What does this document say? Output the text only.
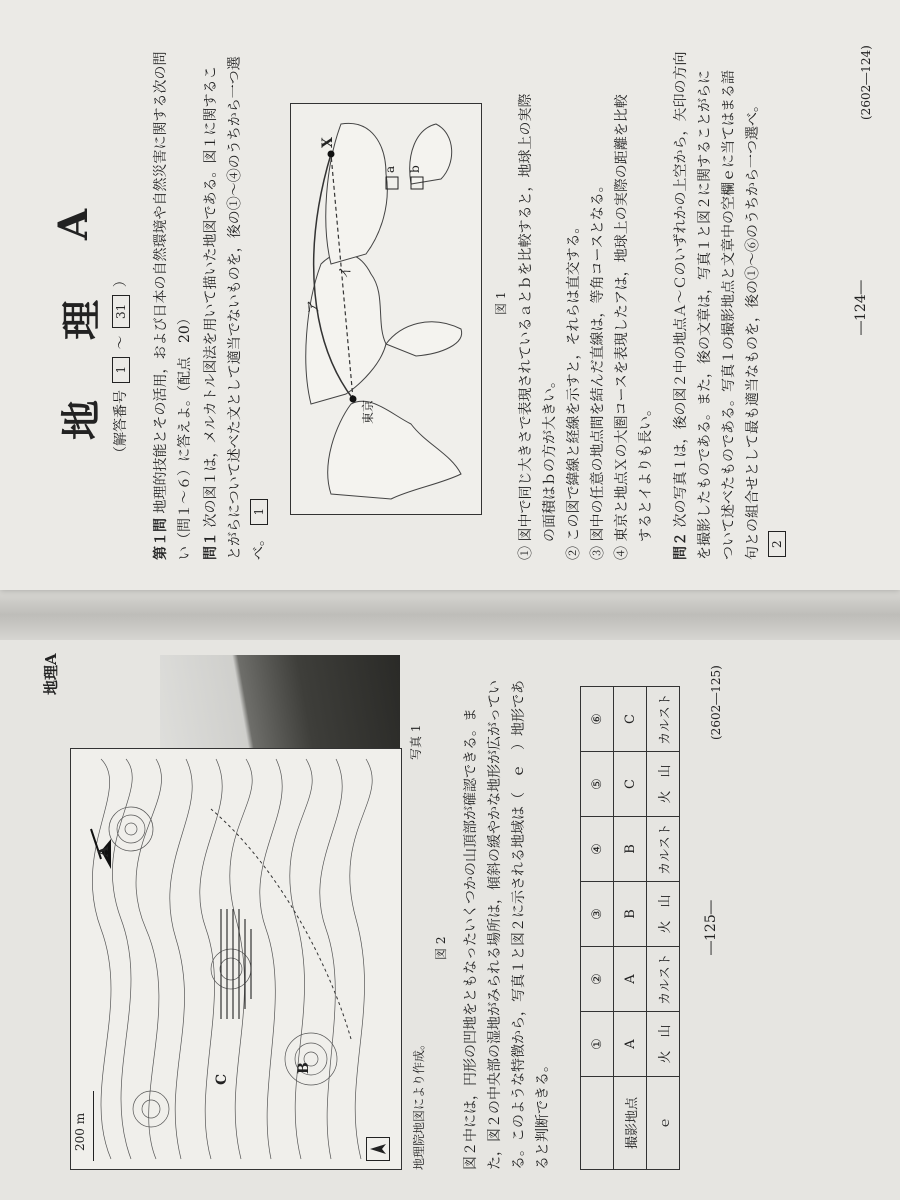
地理A
写真 1
A
B
C
200 m	地理院地図により作成。
図 2 図２中には，円形の凹地をともなったいくつかの山頂部が確認できる。ま た，図２の中央部の湿地がみられる場所は，傾斜の緩やかな地形が広がってい る。このような特徴から，写真１と図２に示される地域は（　ｅ　）地形であ ると判断できる。
	①	②	③	④	⑤	⑥
撮影地点	A	A	B	B	C	C
ｅ	火　山	カルスト	火　山	カルスト	火　山	カルスト
―125―
(2602―125)
地
理
A
（解答番号 1 ～ 31 ）
第１問 地理的技能とその活用，および日本の自然環境や自然災害に関する次の問 い（問１～６）に答えよ。（配点　20） 問１ 次の図１は，メルカトル図法を用いて描いた地図である。図１に関するこ とがらについて述べた文として適当でないものを，後の①～④のうちから一つ選 べ。 1
a b
東京
X
ア
イ
図 1
① 図中で同じ大きさで表現されているａとｂを比較すると，地球上の実際 の面積はｂの方が大きい。
② この図で緯線と経線を示すと，それらは直交する。
③ 図中の任意の地点間を結んだ直線は，等角コースとなる。
④ 東京と地点Ｘの大圏コースを表現したアは，地球上の実際の距離を比較 するとイよりも長い。
問２ 次の写真１は，後の図２中の地点Ａ～Ｃのいずれかの上空から，矢印の方向 を撮影したものである。また，後の文章は，写真１と図２に関することがらに ついて述べたものである。写真１の撮影地点と文章中の空欄ｅに当てはまる語 句との組合せとして最も適当なものを，後の①～⑥のうちから一つ選べ。 2
―124―
(2602―124)
